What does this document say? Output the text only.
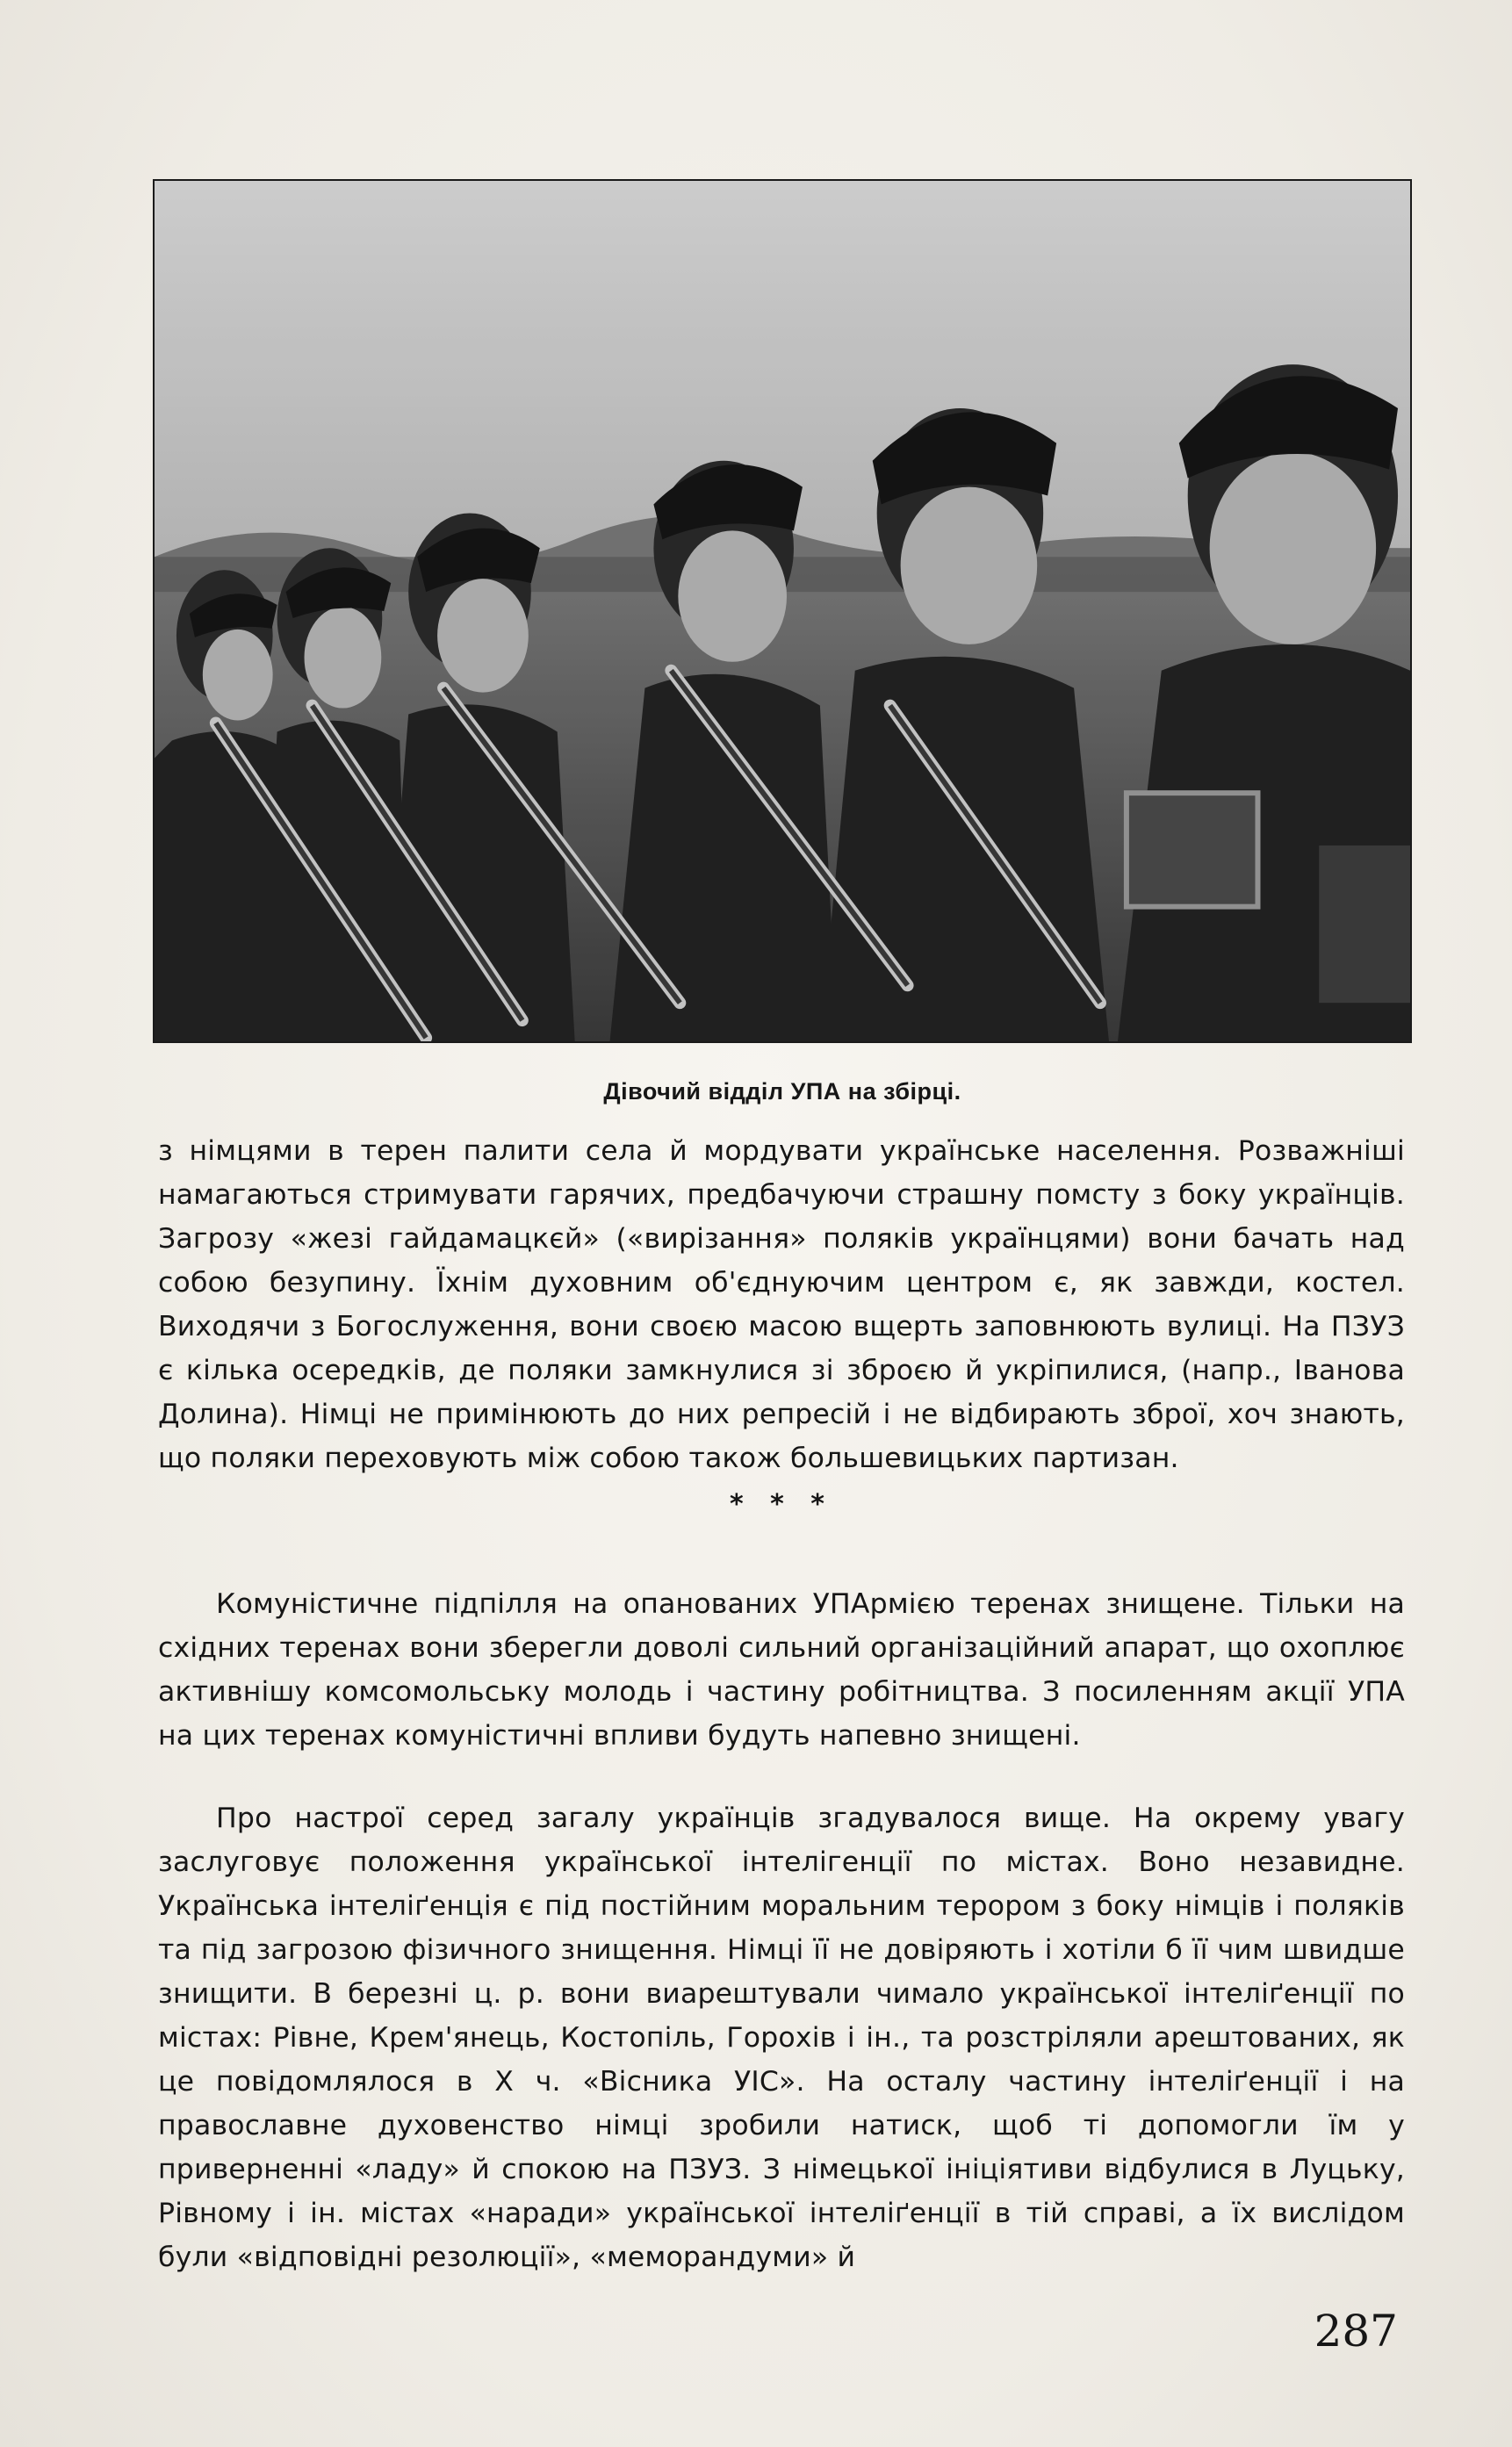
Дівочий відділ УПА на збірці.

з німцями в терен палити села й мордувати українське населення. Розважніші намагаються стримувати гарячих, предбачуючи страшну помсту з боку українців. Загрозу «жезі гайдамацкєй» («вирізання» поляків українцями) вони бачать над собою безупину. Їхнім духовним об'єднуючим центром є, як завжди, костел. Виходячи з Богослуження, вони своєю масою вщерть заповнюють вулиці. На ПЗУЗ є кілька осередків, де поляки замкнулися зі зброєю й укріпилися, (напр., Іванова Долина). Німці не примінюють до них репресій і не відбирають зброї, хоч знають, що поляки переховують між собою також большевицьких партизан.

* * *

Комуністичне підпілля на опанованих УПАрмією теренах знищене. Тільки на східних теренах вони зберегли доволі сильний організаційний апарат, що охоплює активнішу комсомольську молодь і частину робітництва. З посиленням акції УПА на цих теренах комуністичні впливи будуть напевно знищені.

Про настрої серед загалу українців згадувалося вище. На окрему увагу заслуговує положення української інтелігенції по містах. Воно незавидне. Українська інтеліґенція є під постійним моральним терором з боку німців і поляків та під загрозою фізичного знищення. Німці її не довіряють і хотіли б її чим швидше знищити. В березні ц. р. вони виарештували чимало української інтеліґенції по містах: Рівне, Крем'янець, Костопіль, Горохів і ін., та розстріляли арештованих, як це повідомлялося в Х ч. «Вісника УІС». На осталу частину інтеліґенції і на православне духовенство німці зробили натиск, щоб ті допомогли їм у приверненні «ладу» й спокою на ПЗУЗ. З німецької ініціятиви відбулися в Луцьку, Рівному і ін. містах «наради» української інтеліґенції в тій справі, а їх вислідом були «відповідні резолюції», «меморандуми» й

287
